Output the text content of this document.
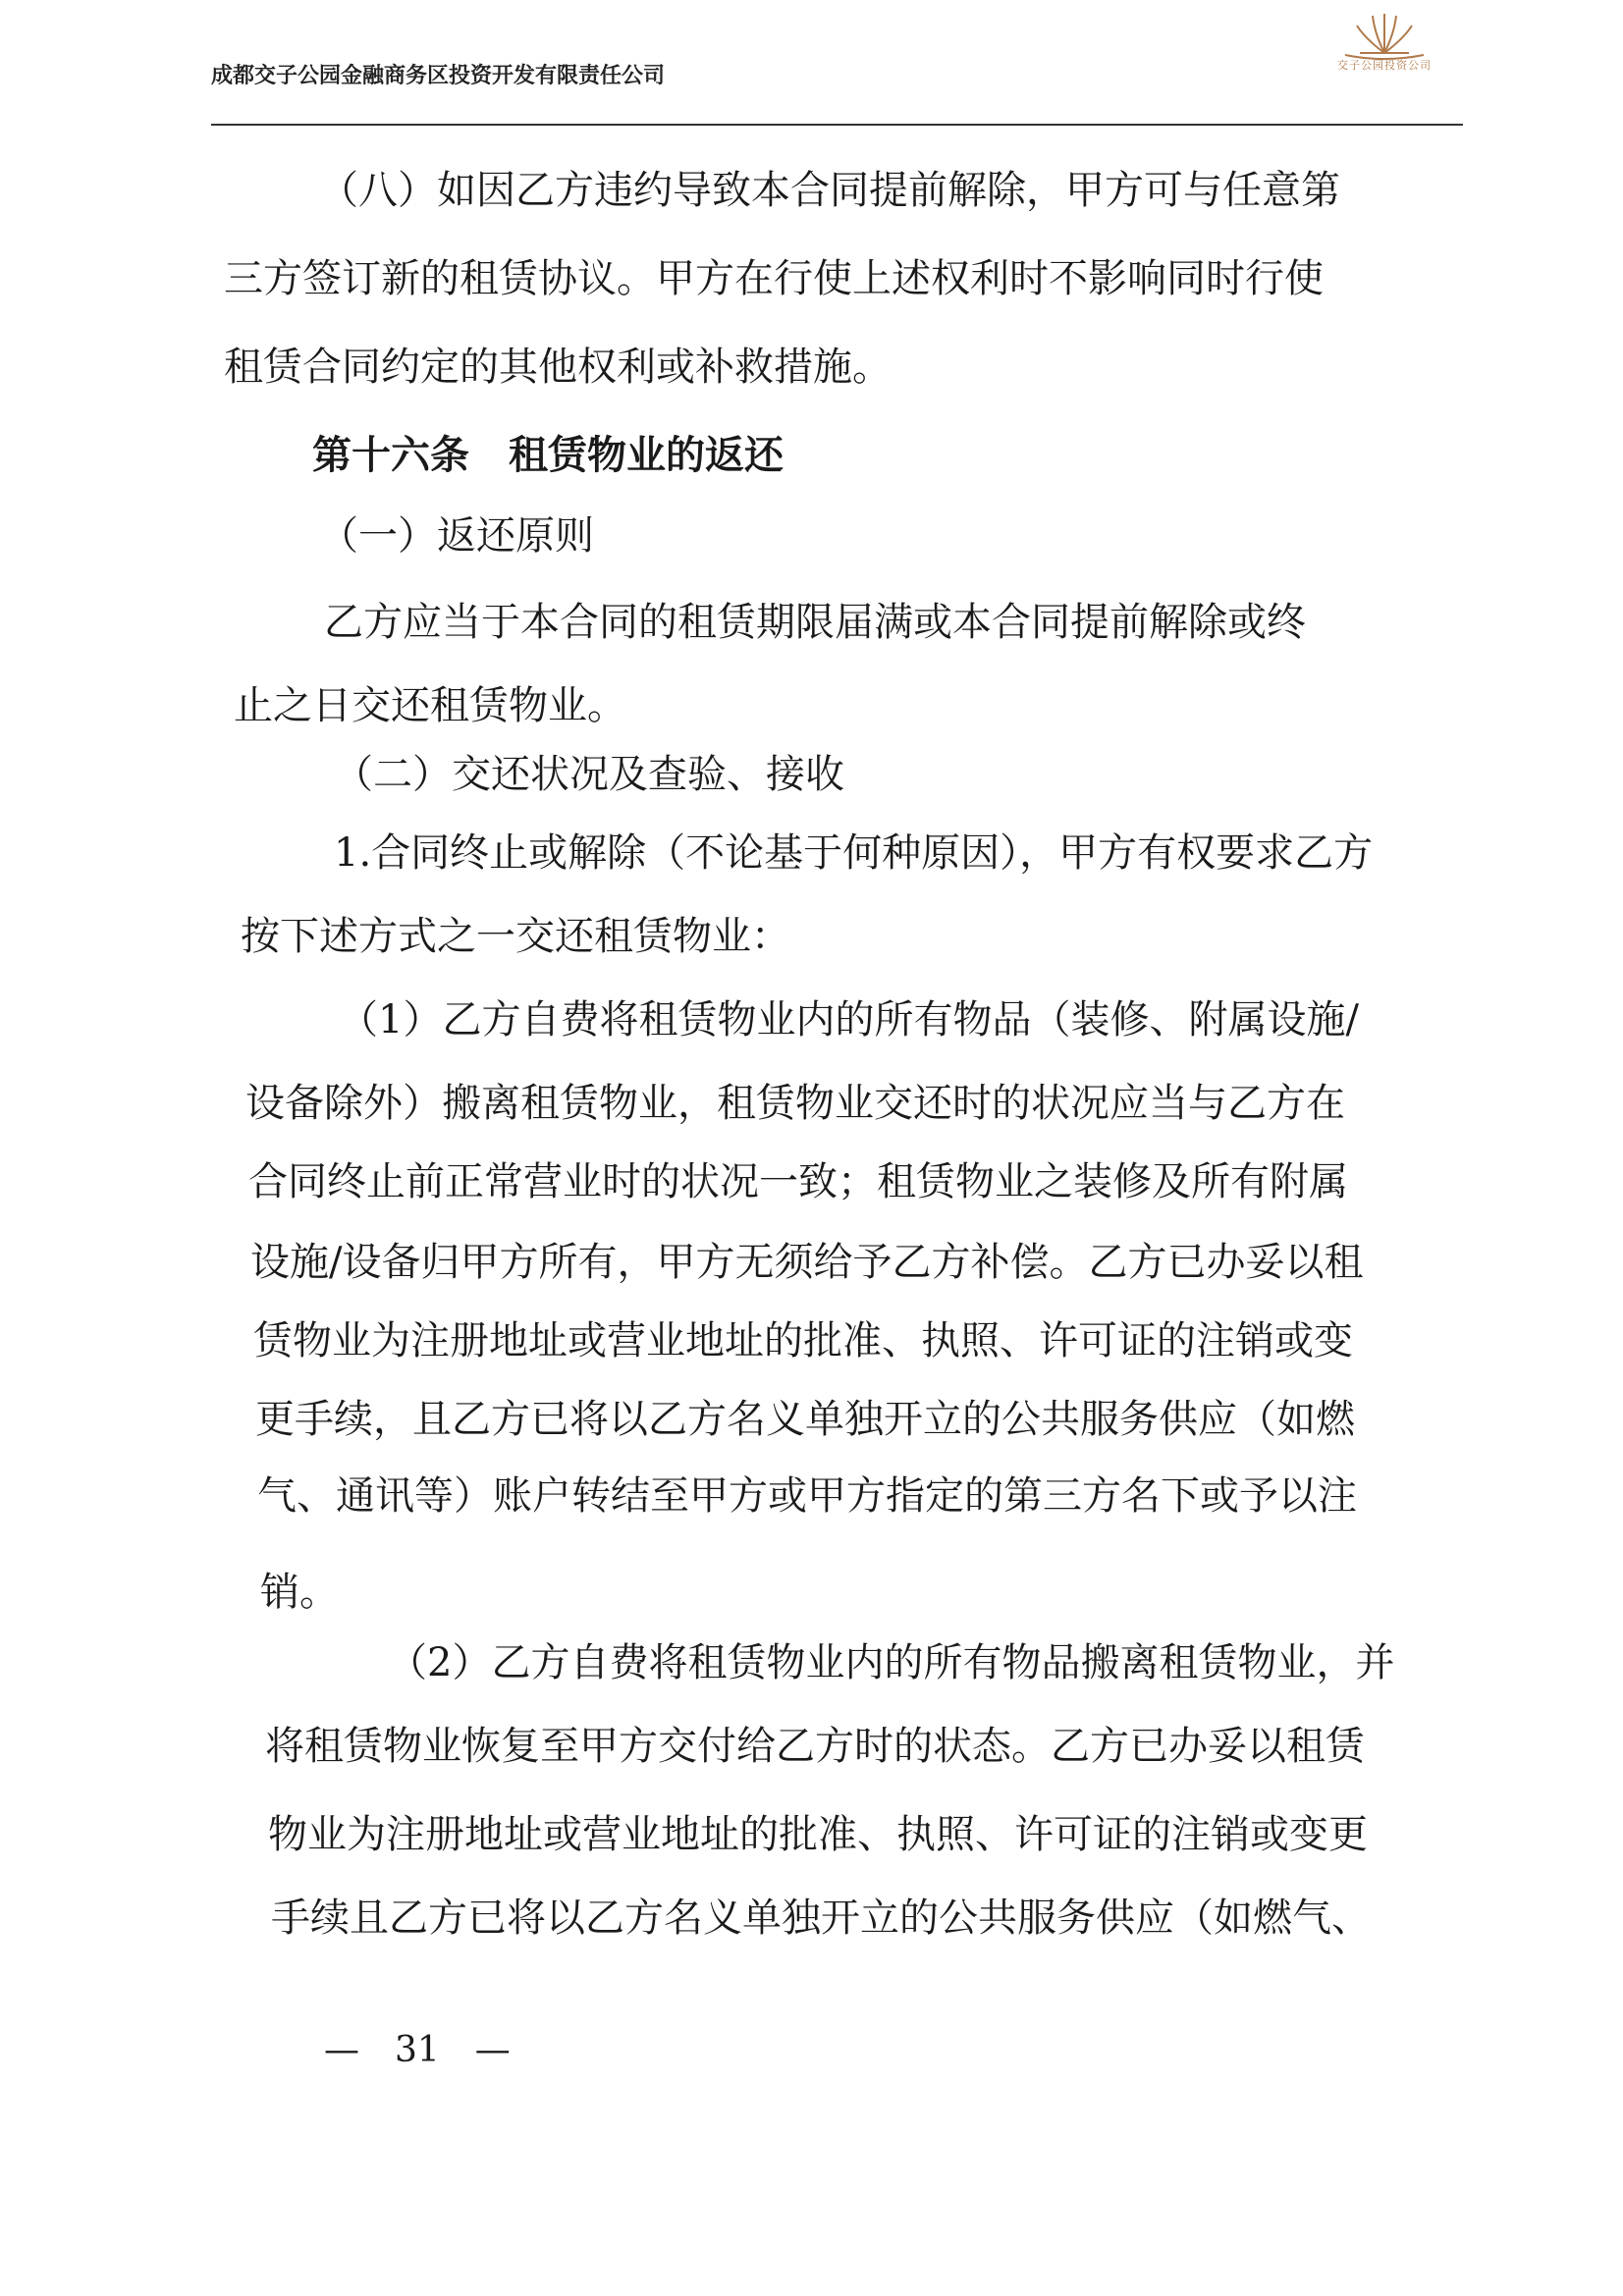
成都交子公园金融商务区投资开发有限责任公司	交子公园投资公司
（八）如因乙方违约导致本合同提前解除，甲方可与任意第
三方签订新的租赁协议。甲方在行使上述权利时不影响同时行使
租赁合同约定的其他权利或补救措施。
第十六条　租赁物业的返还
（一）返还原则
乙方应当于本合同的租赁期限届满或本合同提前解除或终
止之日交还租赁物业。
（二）交还状况及查验、接收
1.合同终止或解除（不论基于何种原因），甲方有权要求乙方
按下述方式之一交还租赁物业：
（1）乙方自费将租赁物业内的所有物品（装修、附属设施/
设备除外）搬离租赁物业，租赁物业交还时的状况应当与乙方在
合同终止前正常营业时的状况一致；租赁物业之装修及所有附属
设施/设备归甲方所有，甲方无须给予乙方补偿。乙方已办妥以租
赁物业为注册地址或营业地址的批准、执照、许可证的注销或变
更手续，且乙方已将以乙方名义单独开立的公共服务供应（如燃
气、通讯等）账户转结至甲方或甲方指定的第三方名下或予以注
销。
（2）乙方自费将租赁物业内的所有物品搬离租赁物业，并
将租赁物业恢复至甲方交付给乙方时的状态。乙方已办妥以租赁
物业为注册地址或营业地址的批准、执照、许可证的注销或变更
手续且乙方已将以乙方名义单独开立的公共服务供应（如燃气、
—　31　—
